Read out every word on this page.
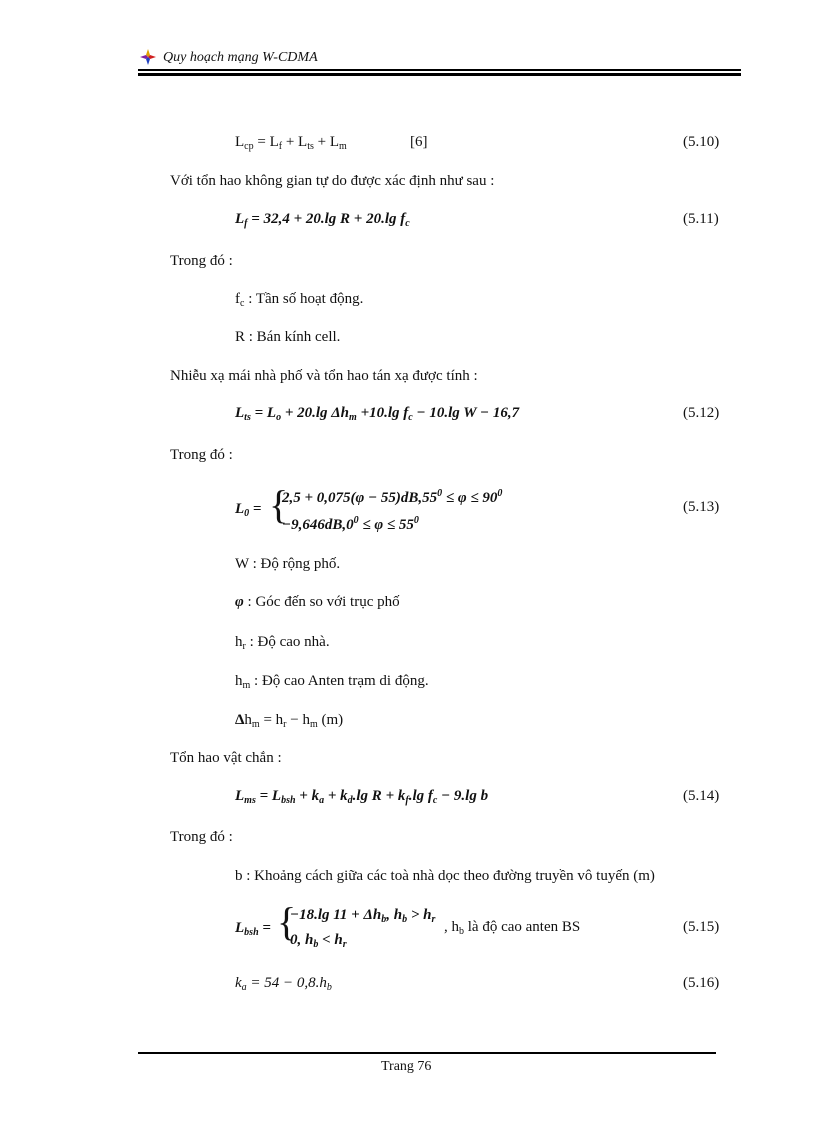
Quy hoạch mạng W-CDMA
$L_{cp} = L_f + L_{ts} + L_m$	[6]	(5.10)
Với tổn hao không gian tự do được xác định như sau :
$L_f = 32,4 + 20.\lg$ R + 20.lg $f_c$	(5.11)
Trong đó :
$f_c$ : Tần số hoạt động.
R : Bán kính cell.
Nhiễu xạ mái nhà phố và tổn hao tán xạ được tính :
$L_{ts} = L_o + 20.\lg$ $\Delta h_m +10.\lg$ $f_c - 10.\lg$ W − 16,7	(5.12)
Trong đó :
$L_0$ = {
$2,5 + 0,075(\varphi - 55)dB,55^0 \le \varphi \le 90^0$
$-9,646dB,0^0 \le \varphi \le 55^0$
(5.13)
W : Độ rộng phố.
φ : Góc đến so với trục phố
$h_r$ : Độ cao nhà.
$h_m$ : Độ cao Anten trạm di động.
$\Delta h_m = h_r - h_m$ (m)
Tổn hao vật chắn :
$L_{ms} = L_{bsh} + k_a + k_d.\lg$ $R + k_f.\lg$ $f_c - 9.\lg$ b	(5.14)
Trong đó :
b : Khoảng cách giữa các toà nhà dọc theo đường truyền vô tuyến (m)
$L_{bsh}$ = {
−18.lg $11 + \Delta h_b$, $h_b > h_r$
0, $h_b < h_r$
, $h_b$ là độ cao anten BS	(5.15)
$k_a = 54 - 0,8.h_b$	(5.16)
Trang 76
